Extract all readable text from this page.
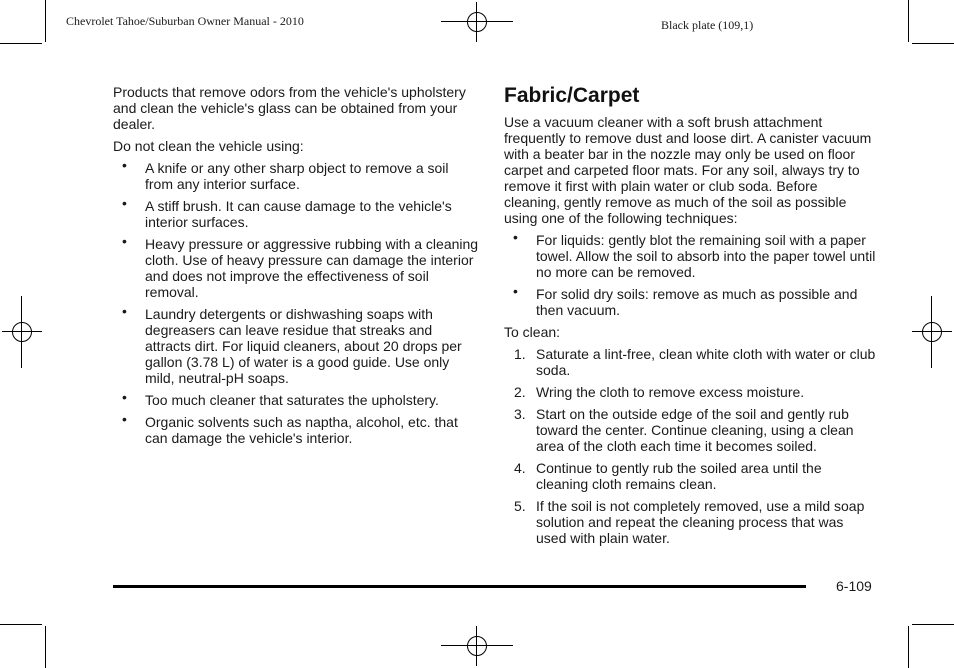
Chevrolet Tahoe/Suburban Owner Manual - 2010	Black plate (109,1)

Products that remove odors from the vehicle's upholstery and clean the vehicle's glass can be obtained from your dealer.

Do not clean the vehicle using:

• A knife or any other sharp object to remove a soil from any interior surface.
• A stiff brush. It can cause damage to the vehicle's interior surfaces.
• Heavy pressure or aggressive rubbing with a cleaning cloth. Use of heavy pressure can damage the interior and does not improve the effectiveness of soil removal.
• Laundry detergents or dishwashing soaps with degreasers can leave residue that streaks and attracts dirt. For liquid cleaners, about 20 drops per gallon (3.78 L) of water is a good guide. Use only mild, neutral-pH soaps.
• Too much cleaner that saturates the upholstery.
• Organic solvents such as naptha, alcohol, etc. that can damage the vehicle's interior.
Fabric/Carpet

Use a vacuum cleaner with a soft brush attachment frequently to remove dust and loose dirt. A canister vacuum with a beater bar in the nozzle may only be used on floor carpet and carpeted floor mats. For any soil, always try to remove it first with plain water or club soda. Before cleaning, gently remove as much of the soil as possible using one of the following techniques:

• For liquids: gently blot the remaining soil with a paper towel. Allow the soil to absorb into the paper towel until no more can be removed.
• For solid dry soils: remove as much as possible and then vacuum.

To clean:

1. Saturate a lint-free, clean white cloth with water or club soda.
2. Wring the cloth to remove excess moisture.
3. Start on the outside edge of the soil and gently rub toward the center. Continue cleaning, using a clean area of the cloth each time it becomes soiled.
4. Continue to gently rub the soiled area until the cleaning cloth remains clean.
5. If the soil is not completely removed, use a mild soap solution and repeat the cleaning process that was used with plain water.
6-109
